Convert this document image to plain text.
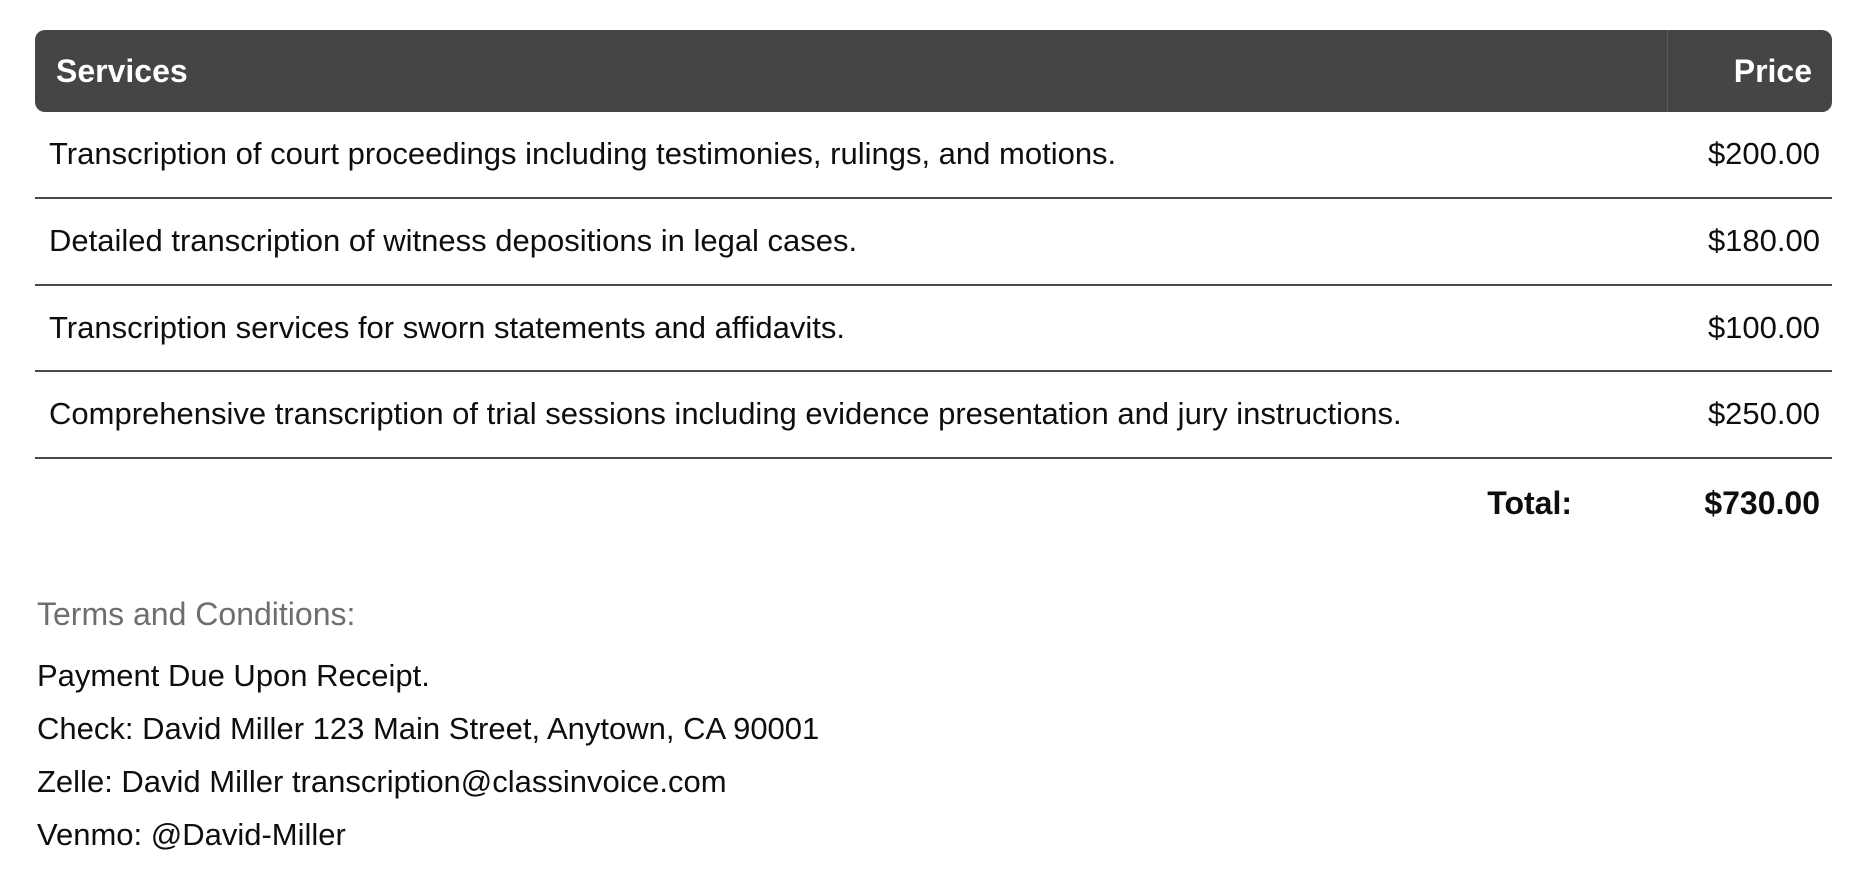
Services	Price
Transcription of court proceedings including testimonies, rulings, and motions.	$200.00
Detailed transcription of witness depositions in legal cases.	$180.00
Transcription services for sworn statements and affidavits.	$100.00
Comprehensive transcription of trial sessions including evidence presentation and jury instructions.	$250.00
Total:	$730.00
Terms and Conditions:
Payment Due Upon Receipt.
Check: David Miller 123 Main Street, Anytown, CA 90001
Zelle: David Miller transcription@classinvoice.com
Venmo: @David-Miller
